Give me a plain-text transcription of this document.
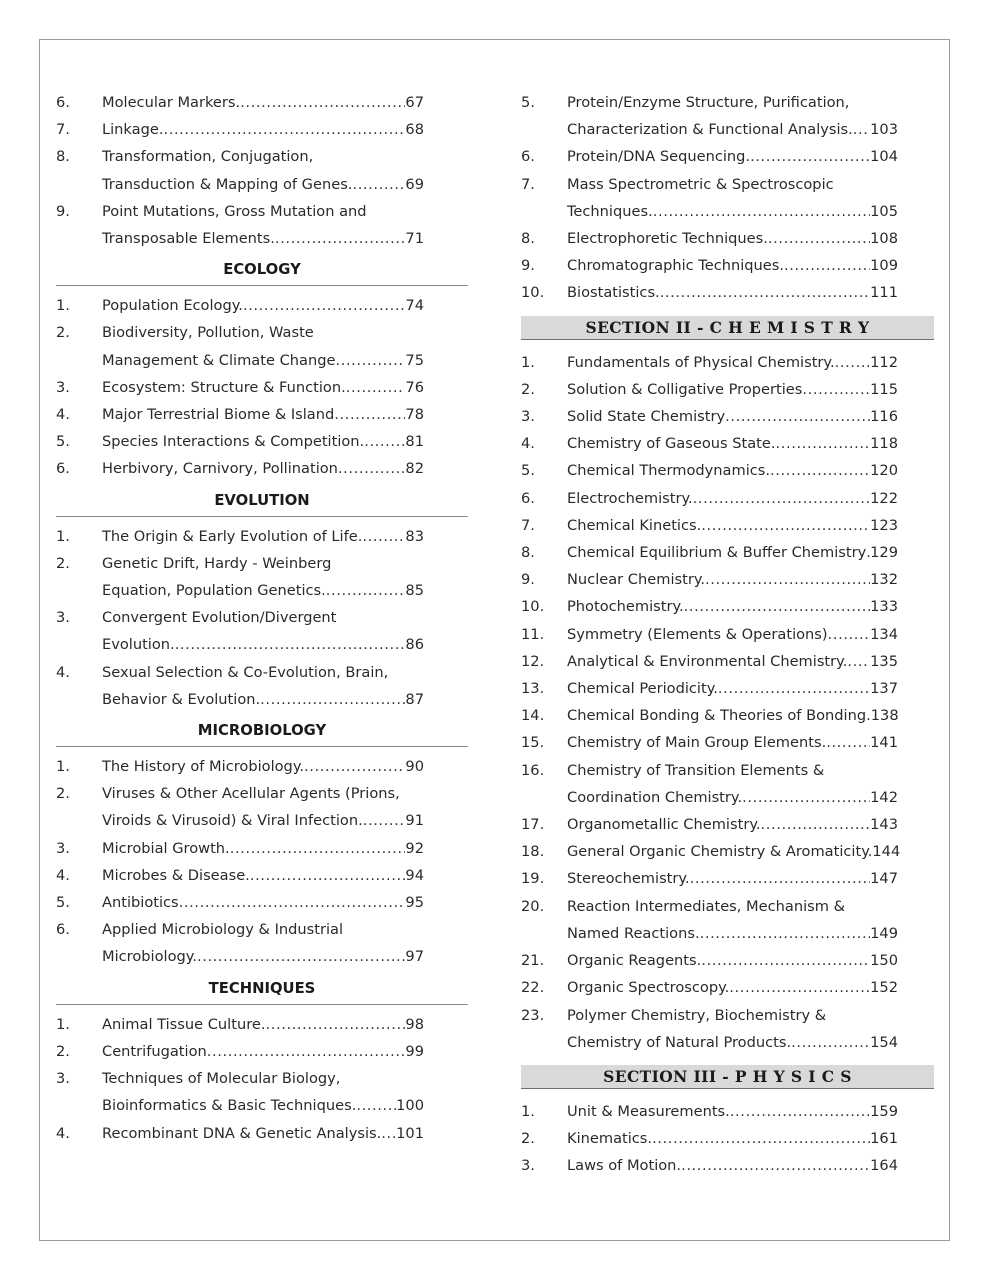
6.	Molecular Markers. .....	67
7.	Linkage. .....	68
8.	Transformation, Conjugation,
Transduction & Mapping of Genes. .....	69
9.	Point Mutations, Gross Mutation and
Transposable Elements. .....	71
ECOLOGY
1.	Population Ecology. .....	74
2.	Biodiversity, Pollution, Waste
Management & Climate Change .....	75
3.	Ecosystem: Structure & Function. .....	76
4.	Major Terrestrial Biome & Island .....	78
5.	Species Interactions & Competition. .....	81
6.	Herbivory, Carnivory, Pollination .....	82
EVOLUTION
1.	The Origin & Early Evolution of Life. .....	83
2.	Genetic Drift, Hardy - Weinberg
Equation, Population Genetics. .....	85
3.	Convergent Evolution/Divergent
Evolution. .....	86
4.	Sexual Selection & Co-Evolution, Brain,
Behavior & Evolution. .....	87
MICROBIOLOGY
1.	The History of Microbiology. .....	90
2.	Viruses & Other Acellular Agents (Prions,
Viroids & Virusoid) & Viral Infection. .....	91
3.	Microbial Growth. .....	92
4.	Microbes & Disease. .....	94
5.	Antibiotics .....	95
6.	Applied Microbiology & Industrial
Microbiology. .....	97
TECHNIQUES
1.	Animal Tissue Culture. .....	98
2.	Centrifugation .....	99
3.	Techniques of Molecular Biology,
Bioinformatics & Basic Techniques. .....	100
4.	Recombinant DNA & Genetic Analysis. ..... 101
5.	Protein/Enzyme Structure, Purification,
Characterization & Functional Analysis. ..... 103
6.	Protein/DNA Sequencing. .....	104
7.	Mass Spectrometric & Spectroscopic
Techniques. .....	105
8.	Electrophoretic Techniques. .....	108
9.	Chromatographic Techniques. .....	109
10.	Biostatistics. .....	111
SECTION II - C H E M I S T R Y
1.	Fundamentals of Physical Chemistry. ..... 112
2.	Solution & Colligative Properties .....	115
3.	Solid State Chemistry .....	116
4.	Chemistry of Gaseous State. .....	118
5.	Chemical Thermodynamics. .....	120
6.	Electrochemistry. .....	122
7.	Chemical Kinetics. .....	123
8.	Chemical Equilibrium & Buffer Chemistry ..... 129
9.	Nuclear Chemistry. .....	132
10.	Photochemistry. .....	133
11.	Symmetry (Elements & Operations) .....	134
12.	Analytical & Environmental Chemistry. ..... 135
13.	Chemical Periodicity. .....	137
14.	Chemical Bonding & Theories of Bonding. 138
15.	Chemistry of Main Group Elements. .....	141
16.	Chemistry of Transition Elements &
Coordination Chemistry. .....	142
17.	Organometallic Chemistry. .....	143
18.	General Organic Chemistry & Aromaticity. 144
19.	Stereochemistry. .....	147
20.	Reaction Intermediates, Mechanism &
Named Reactions. .....	149
21.	Organic Reagents. .....	150
22.	Organic Spectroscopy. .....	152
23.	Polymer Chemistry, Biochemistry &
Chemistry of Natural Products. .....	154
SECTION III - P H Y S I C S
1.	Unit & Measurements. .....	159
2.	Kinematics. .....	161
3.	Laws of Motion. .....	164
